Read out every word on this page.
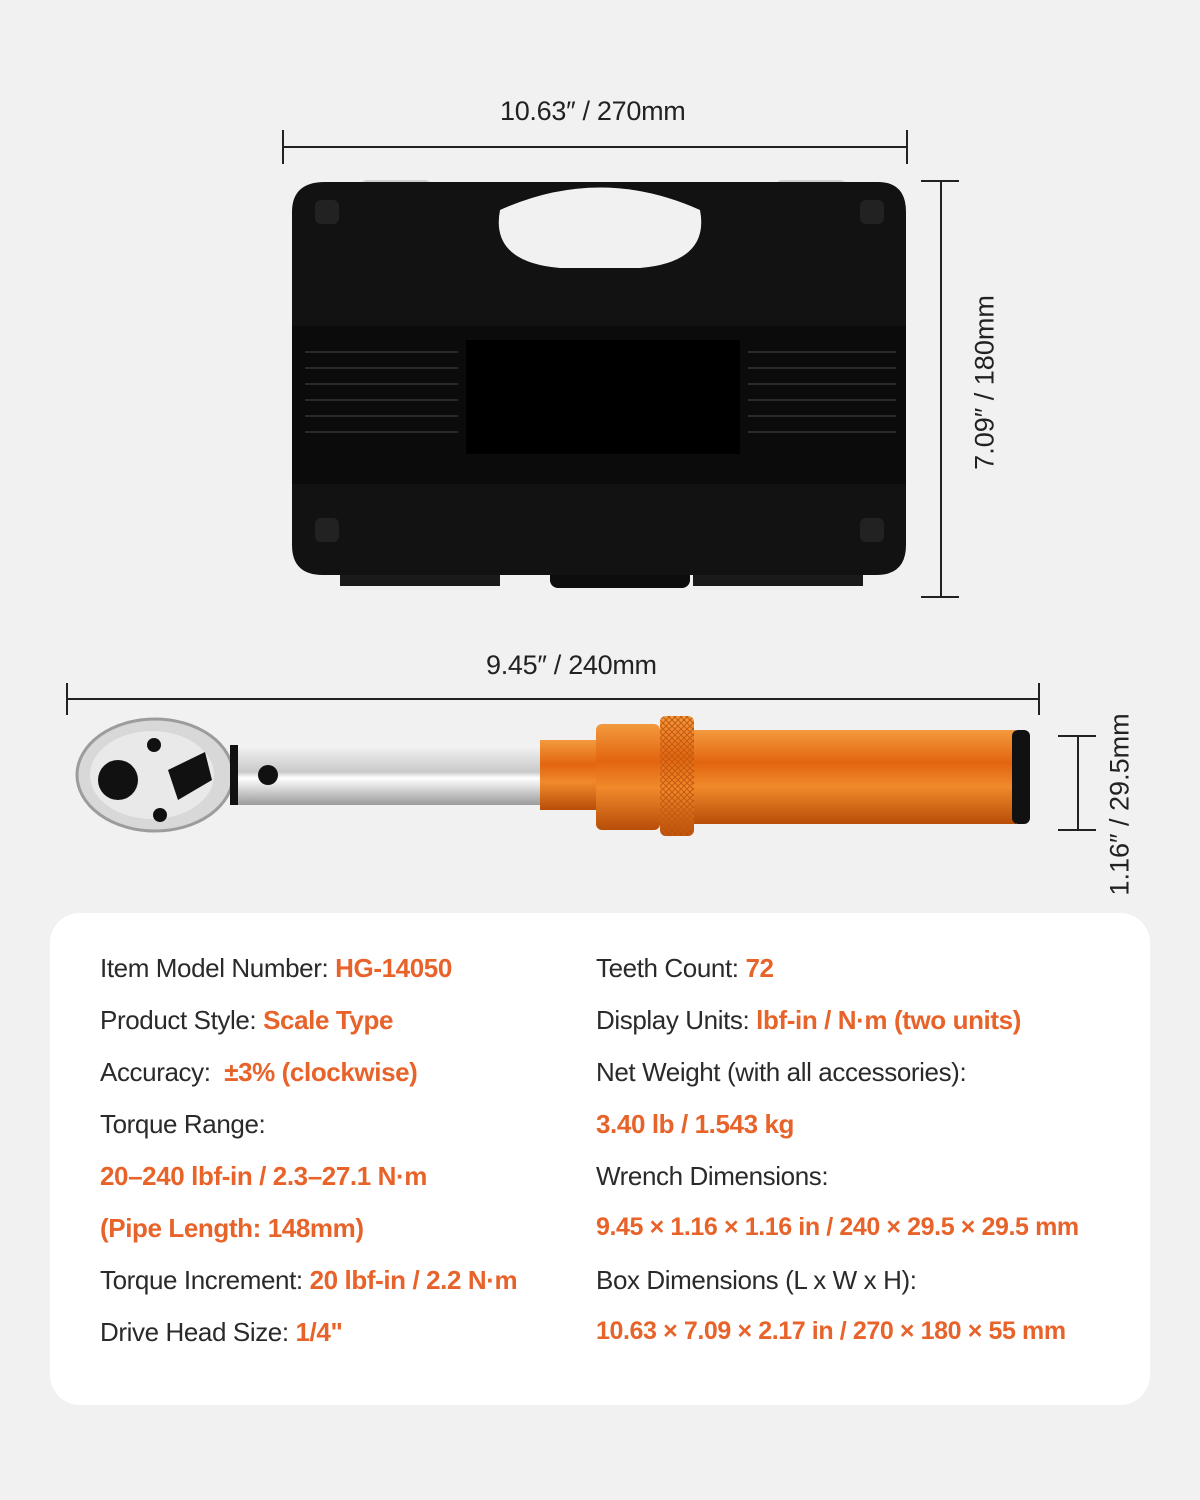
10.63″ / 270mm
7.09″ / 180mm
9.45″ / 240mm
1.16″ / 29.5mm
Item Model Number: HG-14050
Product Style: Scale Type
Accuracy:  ±3% (clockwise)
Torque Range:
20–240 lbf-in / 2.3–27.1 N·m
(Pipe Length: 148mm)
Torque Increment: 20 lbf-in / 2.2 N·m
Drive Head Size: 1/4"
Teeth Count: 72
Display Units: lbf-in / N·m (two units)
Net Weight (with all accessories):
3.40 lb / 1.543 kg
Wrench Dimensions:
9.45 × 1.16 × 1.16 in / 240 × 29.5 × 29.5 mm
Box Dimensions (L x W x H):
10.63 × 7.09 × 2.17 in / 270 × 180 × 55 mm
